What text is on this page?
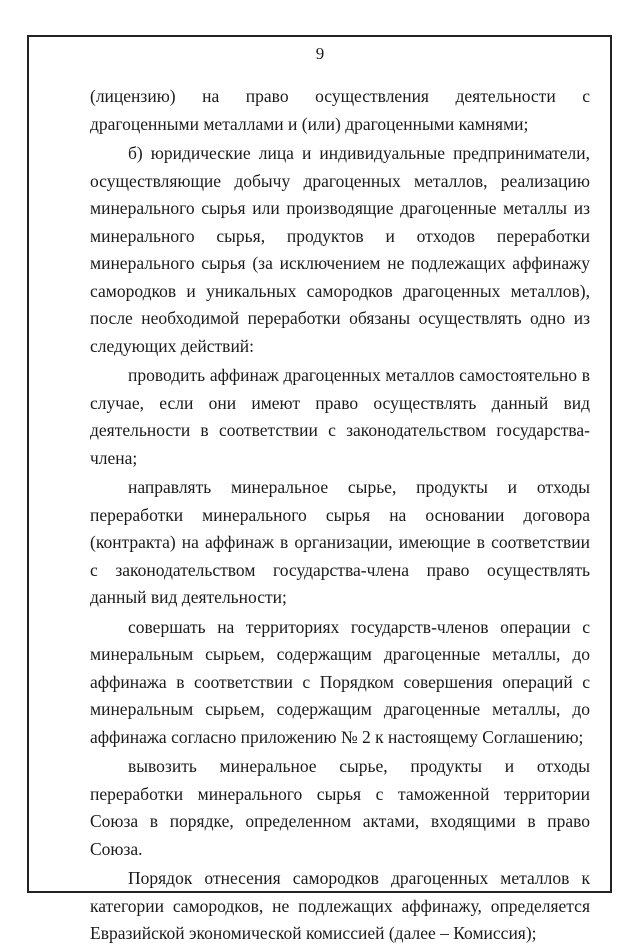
9

(лицензию) на право осуществления деятельности с драгоценными металлами и (или) драгоценными камнями;

б) юридические лица и индивидуальные предприниматели, осуществляющие добычу драгоценных металлов, реализацию минерального сырья или производящие драгоценные металлы из минерального сырья, продуктов и отходов переработки минерального сырья (за исключением не подлежащих аффинажу самородков и уникальных самородков драгоценных металлов), после необходимой переработки обязаны осуществлять одно из следующих действий:

проводить аффинаж драгоценных металлов самостоятельно в случае, если они имеют право осуществлять данный вид деятельности в соответствии с законодательством государства-члена;

направлять минеральное сырье, продукты и отходы переработки минерального сырья на основании договора (контракта) на аффинаж в организации, имеющие в соответствии с законодательством государства-члена право осуществлять данный вид деятельности;

совершать на территориях государств-членов операции с минеральным сырьем, содержащим драгоценные металлы, до аффинажа в соответствии с Порядком совершения операций с минеральным сырьем, содержащим драгоценные металлы, до аффинажа согласно приложению № 2 к настоящему Соглашению;

вывозить минеральное сырье, продукты и отходы переработки минерального сырья с таможенной территории Союза в порядке, определенном актами, входящими в право Союза.

Порядок отнесения самородков драгоценных металлов к категории самородков, не подлежащих аффинажу, определяется Евразийской экономической комиссией (далее – Комиссия);
